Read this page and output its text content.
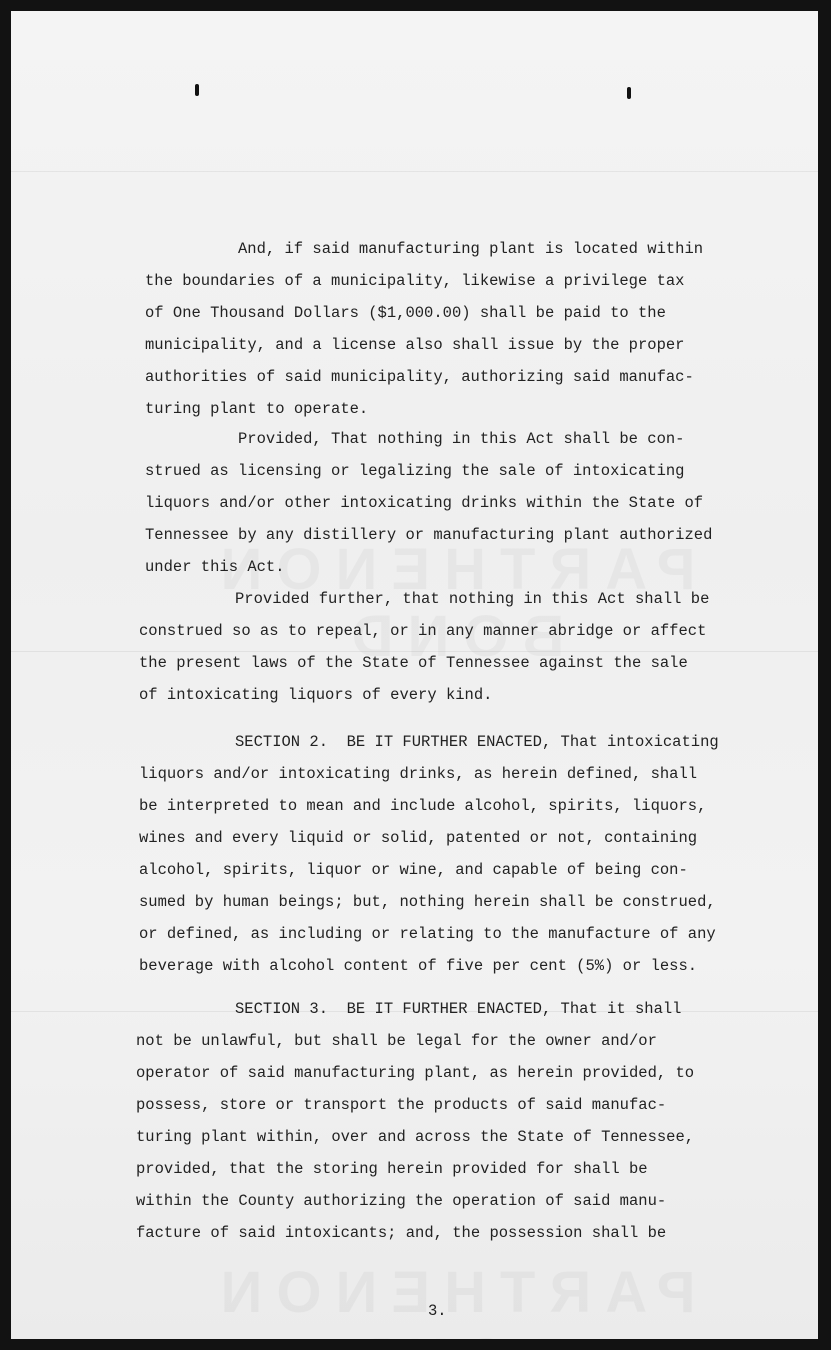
And, if said manufacturing plant is located within
the boundaries of a municipality, likewise a privilege tax
of One Thousand Dollars ($1,000.00) shall be paid to the
municipality, and a license also shall issue by the proper
authorities of said municipality, authorizing said manufac-
turing plant to operate.
Provided, That nothing in this Act shall be con-
strued as licensing or legalizing the sale of intoxicating
liquors and/or other intoxicating drinks within the State of
Tennessee by any distillery or manufacturing plant authorized
under this Act.
Provided further, that nothing in this Act shall be
construed so as to repeal, or in any manner abridge or affect
the present laws of the State of Tennessee against the sale
of intoxicating liquors of every kind.
SECTION 2.  BE IT FURTHER ENACTED, That intoxicating
liquors and/or intoxicating drinks, as herein defined, shall
be interpreted to mean and include alcohol, spirits, liquors,
wines and every liquid or solid, patented or not, containing
alcohol, spirits, liquor or wine, and capable of being con-
sumed by human beings; but, nothing herein shall be construed,
or defined, as including or relating to the manufacture of any
beverage with alcohol content of five per cent (5%) or less.
SECTION 3.  BE IT FURTHER ENACTED, That it shall
not be unlawful, but shall be legal for the owner and/or
operator of said manufacturing plant, as herein provided, to
possess, store or transport the products of said manufac-
turing plant within, over and across the State of Tennessee,
provided, that the storing herein provided for shall be
within the County authorizing the operation of said manu-
facture of said intoxicants; and, the possession shall be
3.
